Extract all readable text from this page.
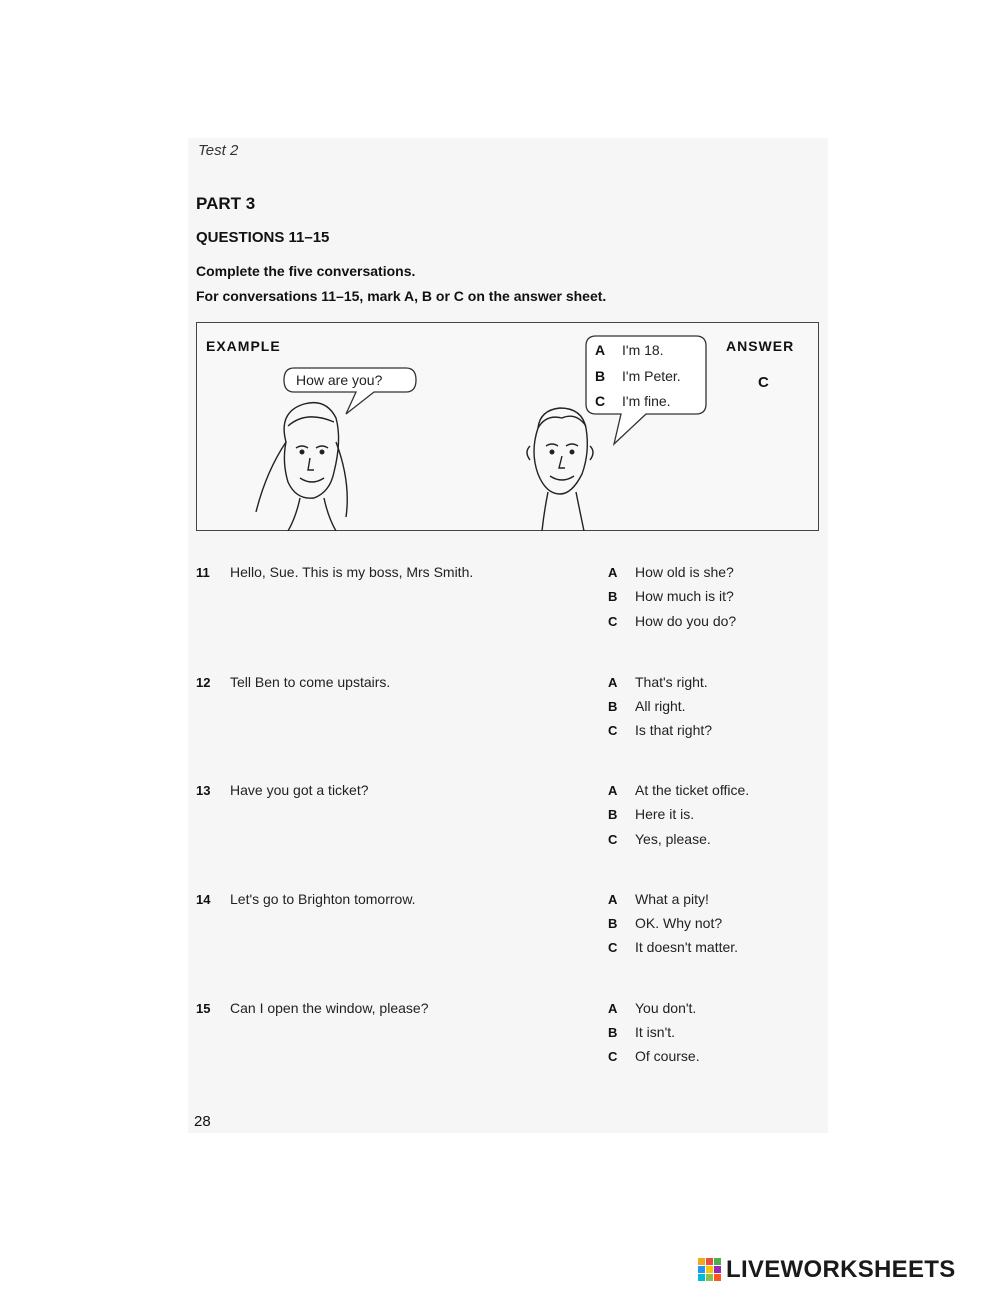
Test 2
PART 3
QUESTIONS 11–15
Complete the five conversations.
For conversations 11–15, mark A, B or C on the answer sheet.
EXAMPLE	ANSWER
C
How are you?
A I'm 18.
B I'm Peter.
C I'm fine.
11 Hello, Sue. This is my boss, Mrs Smith.	A How old is she?
B How much is it?
C How do you do?
12 Tell Ben to come upstairs.	A That's right.
B All right.
C Is that right?
13 Have you got a ticket?	A At the ticket office.
B Here it is.
C Yes, please.
14 Let's go to Brighton tomorrow.	A What a pity!
B OK. Why not?
C It doesn't matter.
15 Can I open the window, please?	A You don't.
B It isn't.
C Of course.
28
LIVEWORKSHEETS
